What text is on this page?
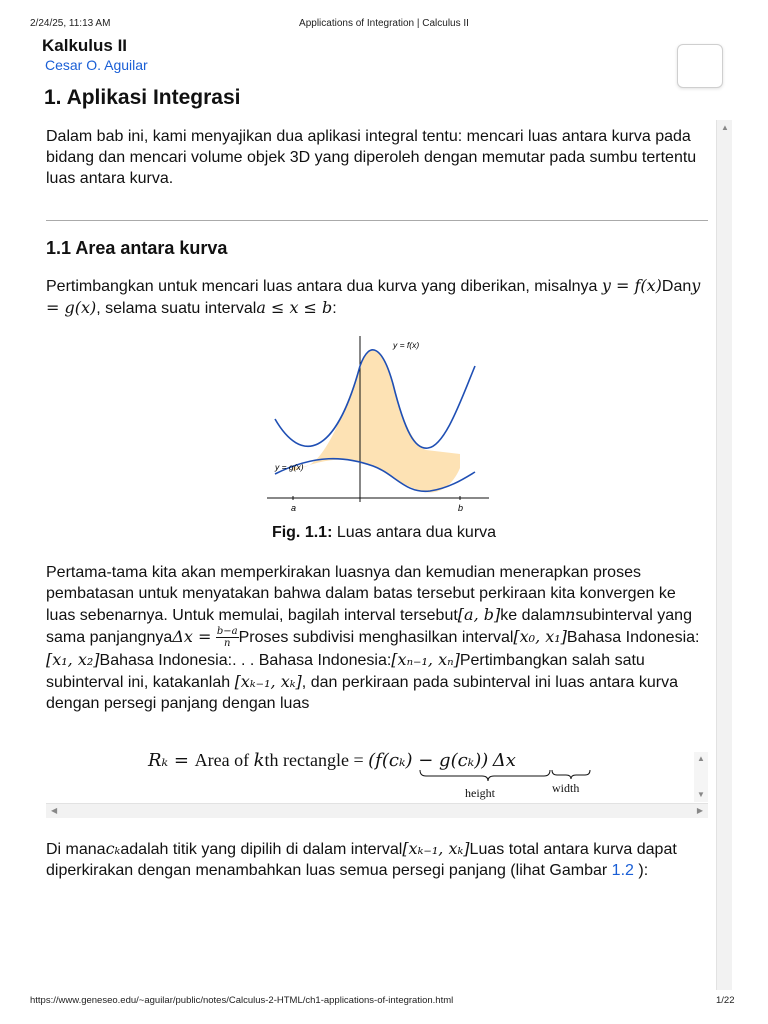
2/24/25, 11:13 AM	Applications of Integration | Calculus II
Kalkulus II
Cesar O. Aguilar
1. Aplikasi Integrasi
▲

Dalam bab ini, kami menyajikan dua aplikasi integral tentu: mencari luas antara kurva pada bidang dan mencari volume objek 3D yang diperoleh dengan memutar pada sumbu tertentu luas antara kurva.

1.1 Area antara kurva

Pertimbangkan untuk mencari luas antara dua kurva yang diberikan, misalnya y = f(x)Dany = g(x), selama suatu intervala ≤ x ≤ b:

y = f(x)
y = g(x)
a	b
Fig. 1.1: Luas antara dua kurva

Pertama-tama kita akan memperkirakan luasnya dan kemudian menerapkan proses pembatasan untuk menyatakan bahwa dalam batas tersebut perkiraan kita konvergen ke luas sebenarnya. Untuk memulai, bagilah interval tersebut[a, b]ke dalamnsubinterval yang sama panjangnyaΔx = $\frac{b-a}{n}$ Proses subdivisi menghasilkan interval[x₀, x₁]Bahasa Indonesia:[x₁, x₂]Bahasa Indonesia:. . . Bahasa Indonesia:[xₙ₋₁, xₙ]Pertimbangkan salah satu subinterval ini, katakanlah [xₖ₋₁, xₖ], dan perkiraan pada subinterval ini luas antara kurva dengan persegi panjang dengan luas

Rₖ = Area of kth rectangle = (f(cₖ) − g(cₖ)) Δx
height	width
▲
▼
◀	▶

Di manacₖadalah titik yang dipilih di dalam interval[xₖ₋₁, xₖ]Luas total antara kurva dapat diperkirakan dengan menambahkan luas semua persegi panjang (lihat Gambar 1.2 ):

https://www.geneseo.edu/~aguilar/public/notes/Calculus-2-HTML/ch1-applications-of-integration.html	1/22
